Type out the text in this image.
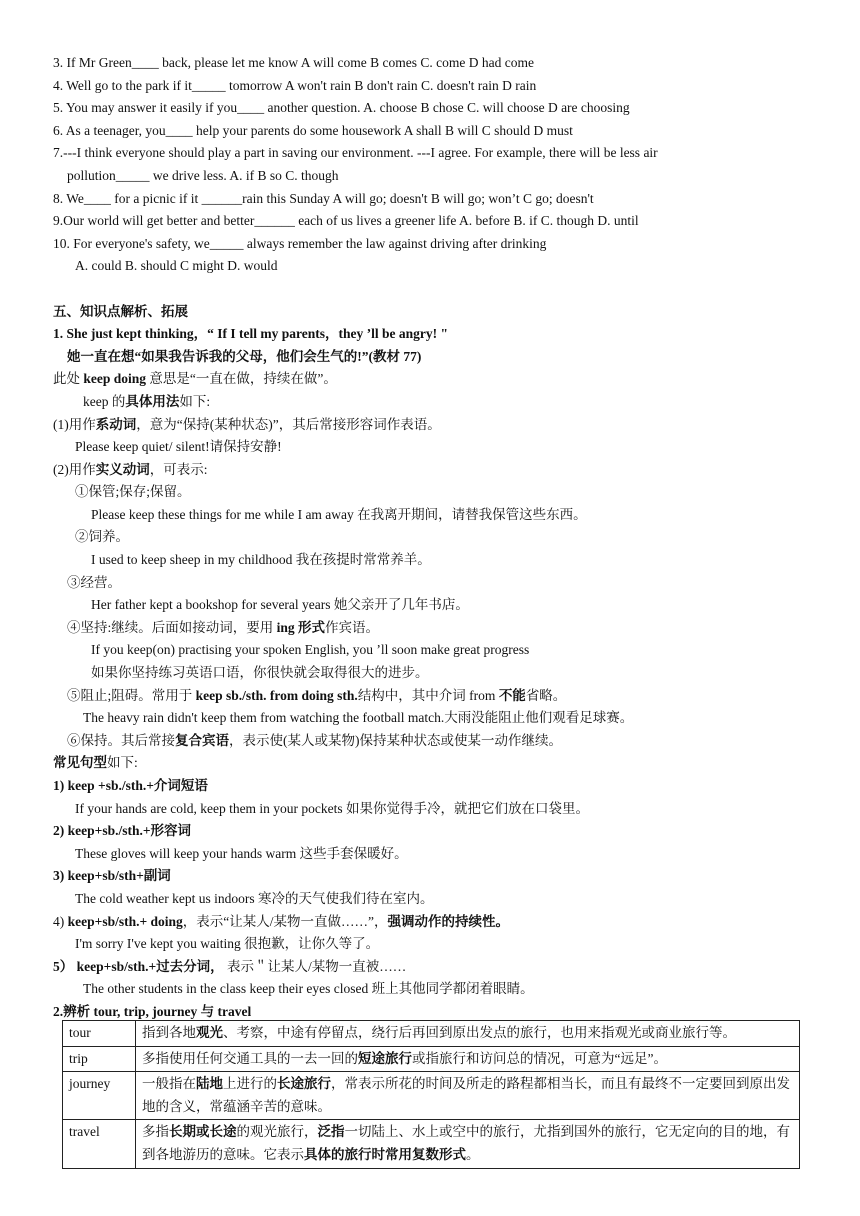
3. If Mr Green____ back, please let me know A will come B comes C. come D had come
4. Well go to the park if it_____ tomorrow A won't rain B don't rain C. doesn't rain D rain
5. You may answer it easily if you____ another question. A. choose B chose C. will choose D are choosing
6. As a teenager, you____ help your parents do some housework A shall B will C should D must
7.---I think everyone should play a part in saving our environment. ---I agree. For example, there will be less air
pollution_____ we drive less. A. if B so C. though
8. We____ for a picnic if it ______rain this Sunday A will go; doesn't B will go; won’t C go; doesn't
9.Our world will get better and better______ each of us lives a greener life A. before B. if C. though D. until
10. For everyone's safety, we_____ always remember the law against driving after drinking
A. could B. should C might D. would
五、知识点解析、拓展
1. She just kept thinking，“ If I tell my parents，they ’ll be angry! "
她一直在想“如果我告诉我的父母，他们会生气的!”(教材 77)
此处 keep doing 意思是“一直在做，持续在做”。
keep 的具体用法如下:
(1)用作系动词，意为“保持(某种状态)”，其后常接形容词作表语。
Please keep quiet/ silent!请保持安静!
(2)用作实义动词，可表示:
①保管;保存;保留。
Please keep these things for me while I am away 在我离开期间，请替我保管这些东西。
②饲养。
I used to keep sheep in my childhood 我在孩提时常常养羊。
③经营。
Her father kept a bookshop for several years 她父亲开了几年书店。
④坚持:继续。后面如接动词，要用 ing 形式作宾语。
If you keep(on) practising your spoken English, you ’ll soon make great progress
如果你坚持练习英语口语，你很快就会取得很大的进步。
⑤阻止;阻碍。常用于 keep sb./sth. from doing sth.结构中，其中介词 from 不能省略。
The heavy rain didn't keep them from watching the football match.大雨没能阻止他们观看足球赛。
⑥保持。其后常接复合宾语，表示使(某人或某物)保持某种状态或使某一动作继续。
常见句型如下:
1) keep +sb./sth.+介词短语
If your hands are cold, keep them in your pockets 如果你觉得手冷，就把它们放在口袋里。
2) keep+sb./sth.+形容词
These gloves will keep your hands warm 这些手套保暖好。
3) keep+sb/sth+副词
The cold weather kept us indoors 寒冷的天气使我们待在室内。
4) keep+sb/sth.+ doing，表示“让某人/某物一直做……”，强调动作的持续性。
I'm sorry I've kept you waiting 很抱歉，让你久等了。
5） keep+sb/sth.+过去分词， 表示＂让某人/某物一直被……
The other students in the class keep their eyes closed 班上其他同学都闭着眼睛。
2.辨析 tour, trip, journey 与 travel
tour	指到各地观光、考察，中途有停留点，绕行后再回到原出发点的旅行，也用来指观光或商业旅行等。
trip	多指使用任何交通工具的一去一回的短途旅行或指旅行和访问总的情况，可意为“远足”。
journey	一般指在陆地上进行的长途旅行，常表示所花的时间及所走的路程都相当长，而且有最终不一定要回到原出发地的含义，常蕴涵辛苦的意味。
travel	多指长期或长途的观光旅行，泛指一切陆上、水上或空中的旅行，尤指到国外的旅行，它无定向的目的地，有到各地游历的意味。它表示具体的旅行时常用复数形式。
